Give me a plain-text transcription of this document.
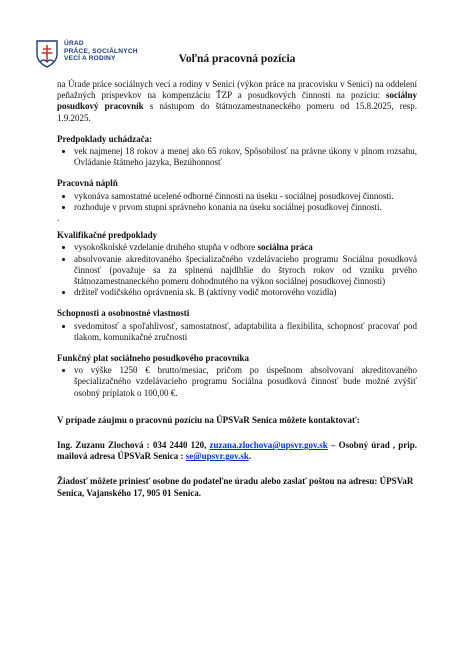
ÚRAD
PRÁCE, SOCIÁLNYCH
VECÍ A RODINY	Voľná pracovná pozícia

na Úrade práce sociálnych vecí a rodiny v Senici (výkon práce na pracovisku v Senici) na oddelení peňažných príspevkov na kompenzáciu ŤZP a posudkových činností na pozíciu: sociálny posudkový pracovník s nástupom do štátnozamestnaneckého pomeru od 15.8.2025, resp. 1.9.2025.

Predpoklady uchádzača:
• vek najmenej 18 rokov a menej ako 65 rokov, Spôsobilosť na právne úkony v plnom rozsahu, Ovládanie štátneho jazyka, Bezúhonnosť
Pracovná náplň
• vykonáva samostatné ucelené odborné činnosti na úseku - sociálnej posudkovej činnosti.
• rozhoduje v prvom stupni správneho konania na úseku sociálnej posudkovej činnosti.

.

Kvalifikačné predpoklady
• vysokoškolské vzdelanie druhého stupňa v odbore sociálna práca
• absolvovanie akreditovaného špecializačného vzdelávacieho programu Sociálna posudková činnosť (považuje sa za splnenú najdlhšie do štyroch rokov od vzniku prvého štátnozamestnaneckého pomeru dohodnutého na výkon sociálnej posudkovej činnosti)
• držiteľ vodičského oprávnenia sk. B (aktívny vodič motorového vozidla)
Schopnosti a osobnostné vlastnosti
• svedomitosť a spoľahlivosť, samostatnosť, adaptabilita a flexibilita, schopnosť pracovať pod tlakom, komunikačné zručnosti
Funkčný plat sociálneho posudkového pracovníka
• vo výške 1250 € brutto/mesiac, pričom po úspešnom absolvovaní akreditovaného špecializačného vzdelávacieho programu Sociálna posudková činnosť bude možné zvýšiť osobný príplatok o 100,00 €.
V prípade záujmu o pracovnú pozíciu na ÚPSVaR Senica môžete kontaktovať:

Ing. Zuzanu Zlochová : 034 2440 120, zuzana.zlochova@upsvr.gov.sk – Osobný úrad , prip. mailová adresa ÚPSVaR Senica : se@upsvr.gov.sk.

Žiadosť môžete priniesť osobne do podateľne úradu alebo zaslať poštou na adresu: ÚPSVaR Senica, Vajanského 17, 905 01 Senica.
